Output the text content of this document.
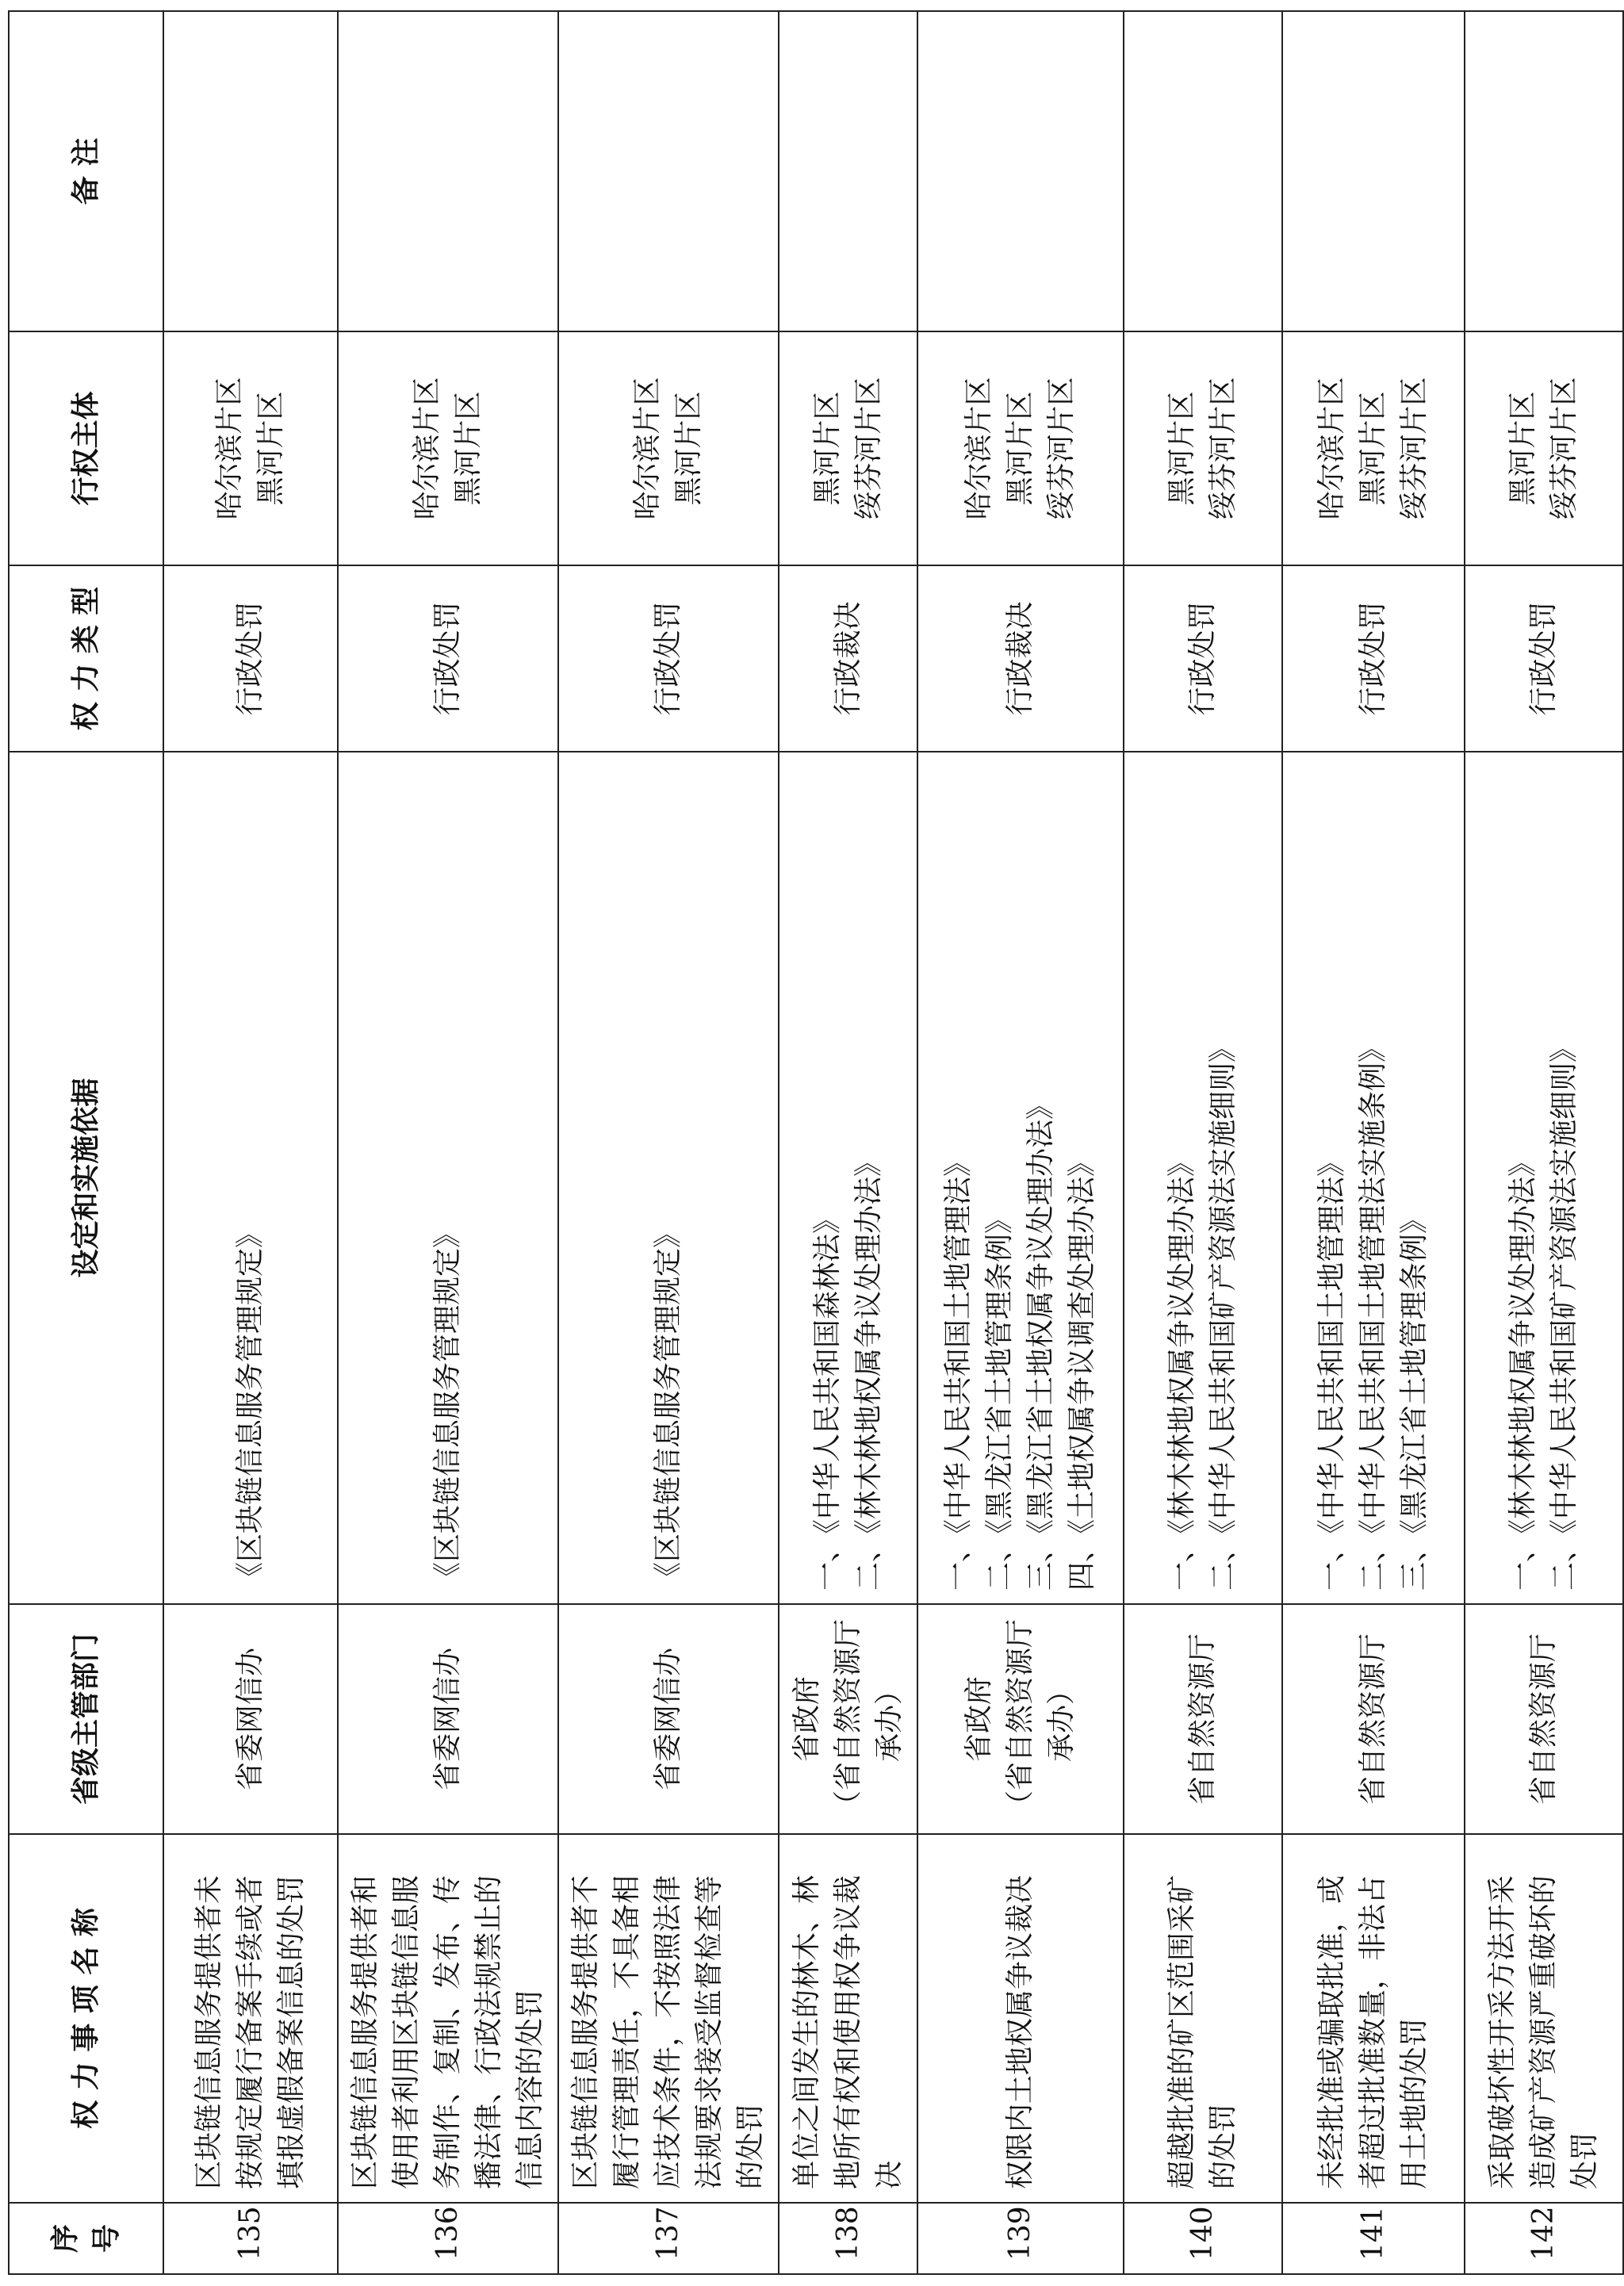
序 号	权 力 事 项 名 称	省级主管部门	设定和实施依据	权 力 类 型	行权主体	备 注
135	区块链信息服务提供者未按规定履行备案手续或者填报虚假备案信息的处罚	省委网信办	《区块链信息服务管理规定》	行政处罚	哈尔滨片区 黑河片区	

136	区块链信息服务提供者和使用者利用区块链信息服务制作、复制、发布、传播法律、行政法规禁止的信息内容的处罚	省委网信办	《区块链信息服务管理规定》	行政处罚	哈尔滨片区 黑河片区	

137	区块链信息服务提供者不履行管理责任，不具备相应技术条件，不按照法律法规要求接受监督检查等的处罚	省委网信办	《区块链信息服务管理规定》	行政处罚	哈尔滨片区 黑河片区	

138	单位之间发生的林木、林地所有权和使用权争议裁决	省政府 （省自然资源厅 承办）	一、《中华人民共和国森林法》 二、《林木林地权属争议处理办法》	行政裁决	黑河片区 绥芬河片区	

139	权限内土地权属争议裁决	省政府 （省自然资源厅 承办）	一、《中华人民共和国土地管理法》 二、《黑龙江省土地管理条例》 三、《黑龙江省土地权属争议处理办法》 四、《土地权属争议调查处理办法》	行政裁决	哈尔滨片区 黑河片区 绥芬河片区	

140	超越批准的矿区范围采矿的处罚	省自然资源厅	一、《林木林地权属争议处理办法》 二、《中华人民共和国矿产资源法实施细则》	行政处罚	黑河片区 绥芬河片区	

141	未经批准或骗取批准，或者超过批准数量，非法占用土地的处罚	省自然资源厅	一、《中华人民共和国土地管理法》 二、《中华人民共和国土地管理法实施条例》 三、《黑龙江省土地管理条例》	行政处罚	哈尔滨片区 黑河片区 绥芬河片区	

142	采取破坏性开采方法开采造成矿产资源严重破坏的处罚	省自然资源厅	一、《林木林地权属争议处理办法》 二、《中华人民共和国矿产资源法实施细则》	行政处罚	黑河片区 绥芬河片区	
